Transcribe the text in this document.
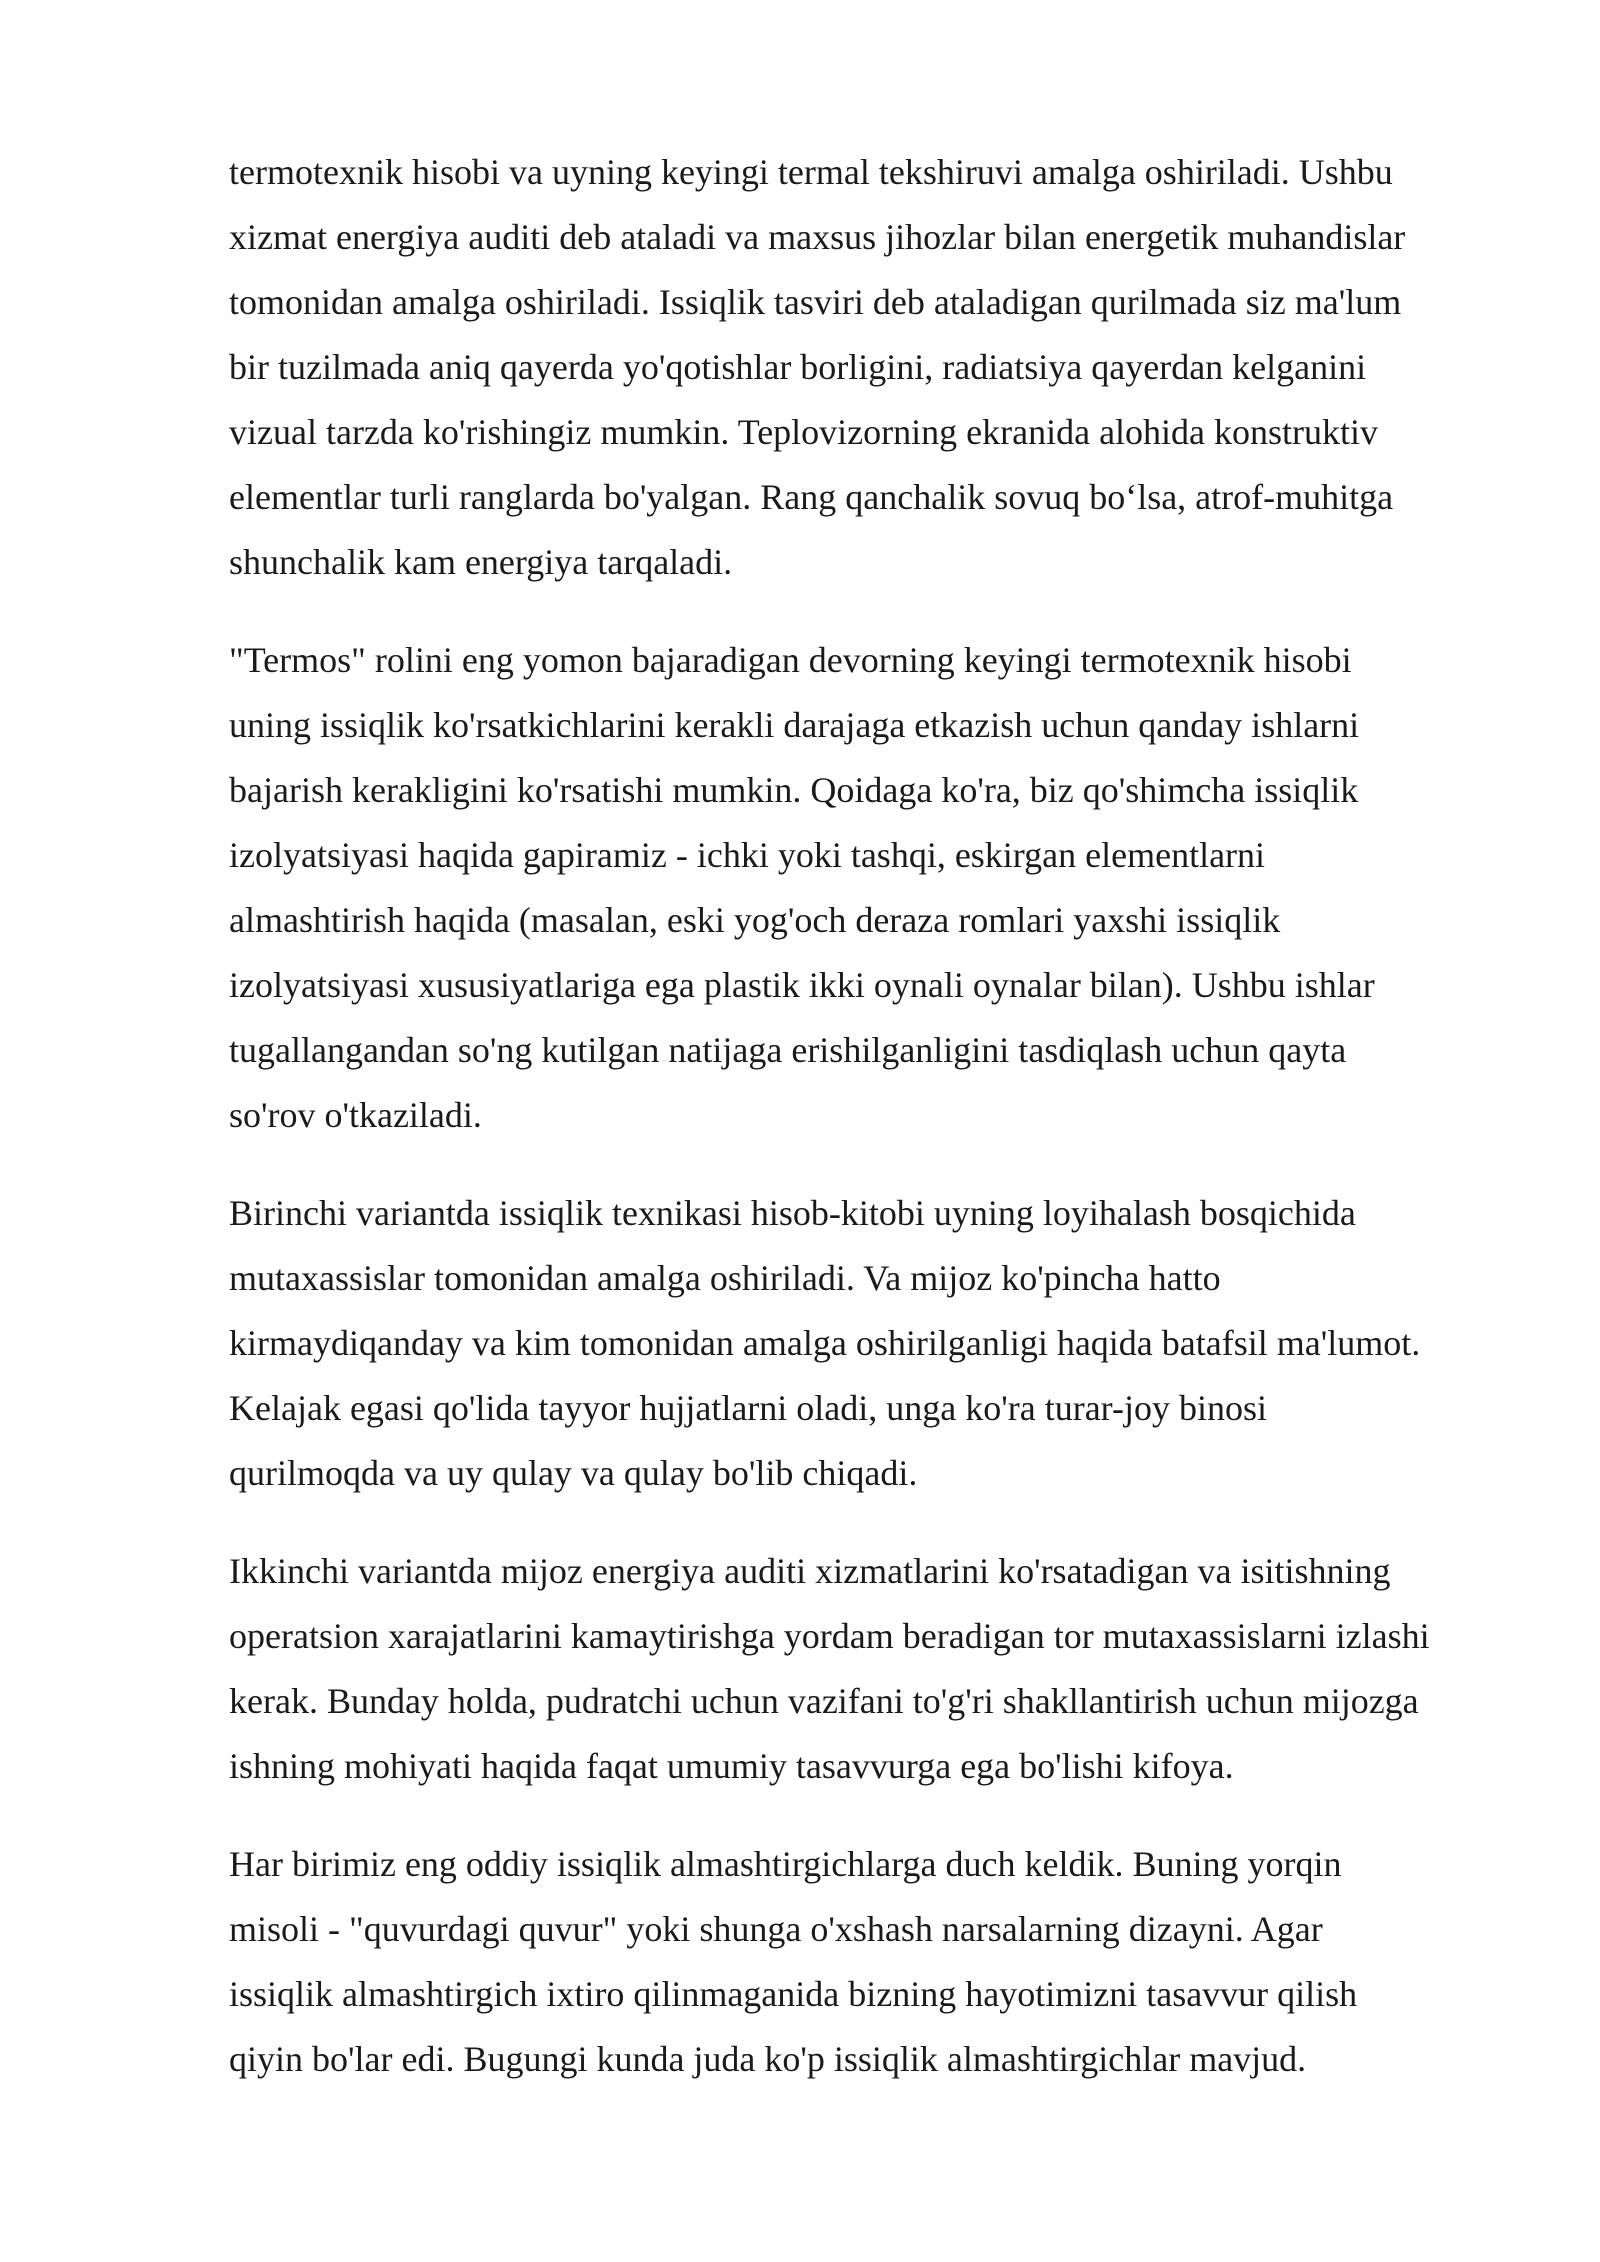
termotexnik hisobi va uyning keyingi termal tekshiruvi amalga oshiriladi. Ushbu
xizmat energiya auditi deb ataladi va maxsus jihozlar bilan energetik muhandislar
tomonidan amalga oshiriladi. Issiqlik tasviri deb ataladigan qurilmada siz ma'lum
bir tuzilmada aniq qayerda yo'qotishlar borligini, radiatsiya qayerdan kelganini
vizual tarzda ko'rishingiz mumkin. Teplovizorning ekranida alohida konstruktiv
elementlar turli ranglarda bo'yalgan. Rang qanchalik sovuq bo‘lsa, atrof-muhitga
shunchalik kam energiya tarqaladi.

"Termos" rolini eng yomon bajaradigan devorning keyingi termotexnik hisobi
uning issiqlik ko'rsatkichlarini kerakli darajaga etkazish uchun qanday ishlarni
bajarish kerakligini ko'rsatishi mumkin. Qoidaga ko'ra, biz qo'shimcha issiqlik
izolyatsiyasi haqida gapiramiz - ichki yoki tashqi, eskirgan elementlarni
almashtirish haqida (masalan, eski yog'och deraza romlari yaxshi issiqlik
izolyatsiyasi xususiyatlariga ega plastik ikki oynali oynalar bilan). Ushbu ishlar
tugallangandan so'ng kutilgan natijaga erishilganligini tasdiqlash uchun qayta
so'rov o'tkaziladi.

Birinchi variantda issiqlik texnikasi hisob-kitobi uyning loyihalash bosqichida
mutaxassislar tomonidan amalga oshiriladi. Va mijoz ko'pincha hatto
kirmaydiqanday va kim tomonidan amalga oshirilganligi haqida batafsil ma'lumot.
Kelajak egasi qo'lida tayyor hujjatlarni oladi, unga ko'ra turar-joy binosi
qurilmoqda va uy qulay va qulay bo'lib chiqadi.

Ikkinchi variantda mijoz energiya auditi xizmatlarini ko'rsatadigan va isitishning
operatsion xarajatlarini kamaytirishga yordam beradigan tor mutaxassislarni izlashi
kerak. Bunday holda, pudratchi uchun vazifani to'g'ri shakllantirish uchun mijozga
ishning mohiyati haqida faqat umumiy tasavvurga ega bo'lishi kifoya.

Har birimiz eng oddiy issiqlik almashtirgichlarga duch keldik. Buning yorqin
misoli - "quvurdagi quvur" yoki shunga o'xshash narsalarning dizayni. Agar
issiqlik almashtirgich ixtiro qilinmaganida bizning hayotimizni tasavvur qilish
qiyin bo'lar edi. Bugungi kunda juda ko'p issiqlik almashtirgichlar mavjud.
